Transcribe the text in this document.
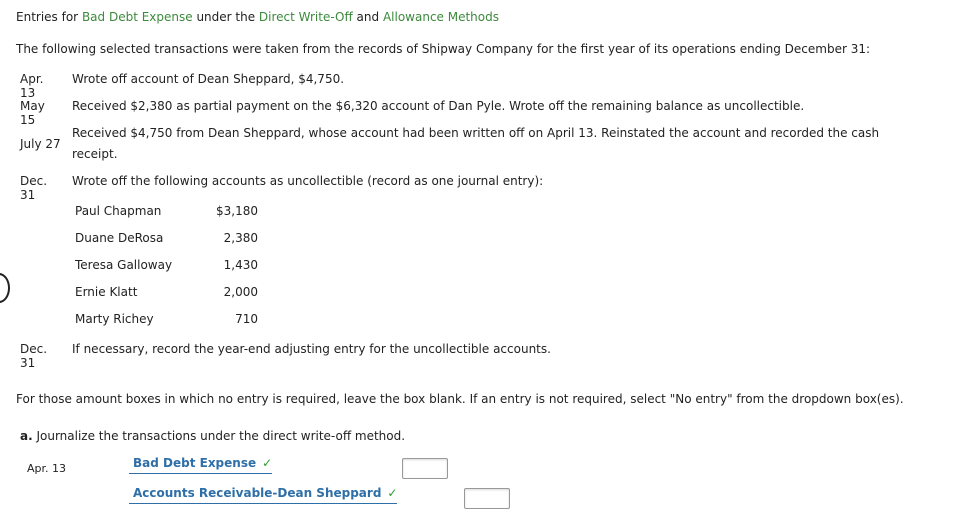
Entries for Bad Debt Expense under the Direct Write-Off and Allowance Methods
The following selected transactions were taken from the records of Shipway Company for the first year of its operations ending December 31:
Apr. 13
Wrote off account of Dean Sheppard, $4,750.
May 15
Received $2,380 as partial payment on the $6,320 account of Dan Pyle. Wrote off the remaining balance as uncollectible.
July 27
Received $4,750 from Dean Sheppard, whose account had been written off on April 13. Reinstated the account and recorded the cash
receipt.
Dec. 31
Wrote off the following accounts as uncollectible (record as one journal entry):
Paul Chapman	$3,180
Duane DeRosa	2,380
Teresa Galloway	1,430
Ernie Klatt	2,000
Marty Richey	710
Dec. 31
If necessary, record the year-end adjusting entry for the uncollectible accounts.
For those amount boxes in which no entry is required, leave the box blank. If an entry is not required, select "No entry" from the dropdown box(es).
a. Journalize the transactions under the direct write-off method.
Apr. 13	Bad Debt Expense ✓
Accounts Receivable-Dean Sheppard ✓
